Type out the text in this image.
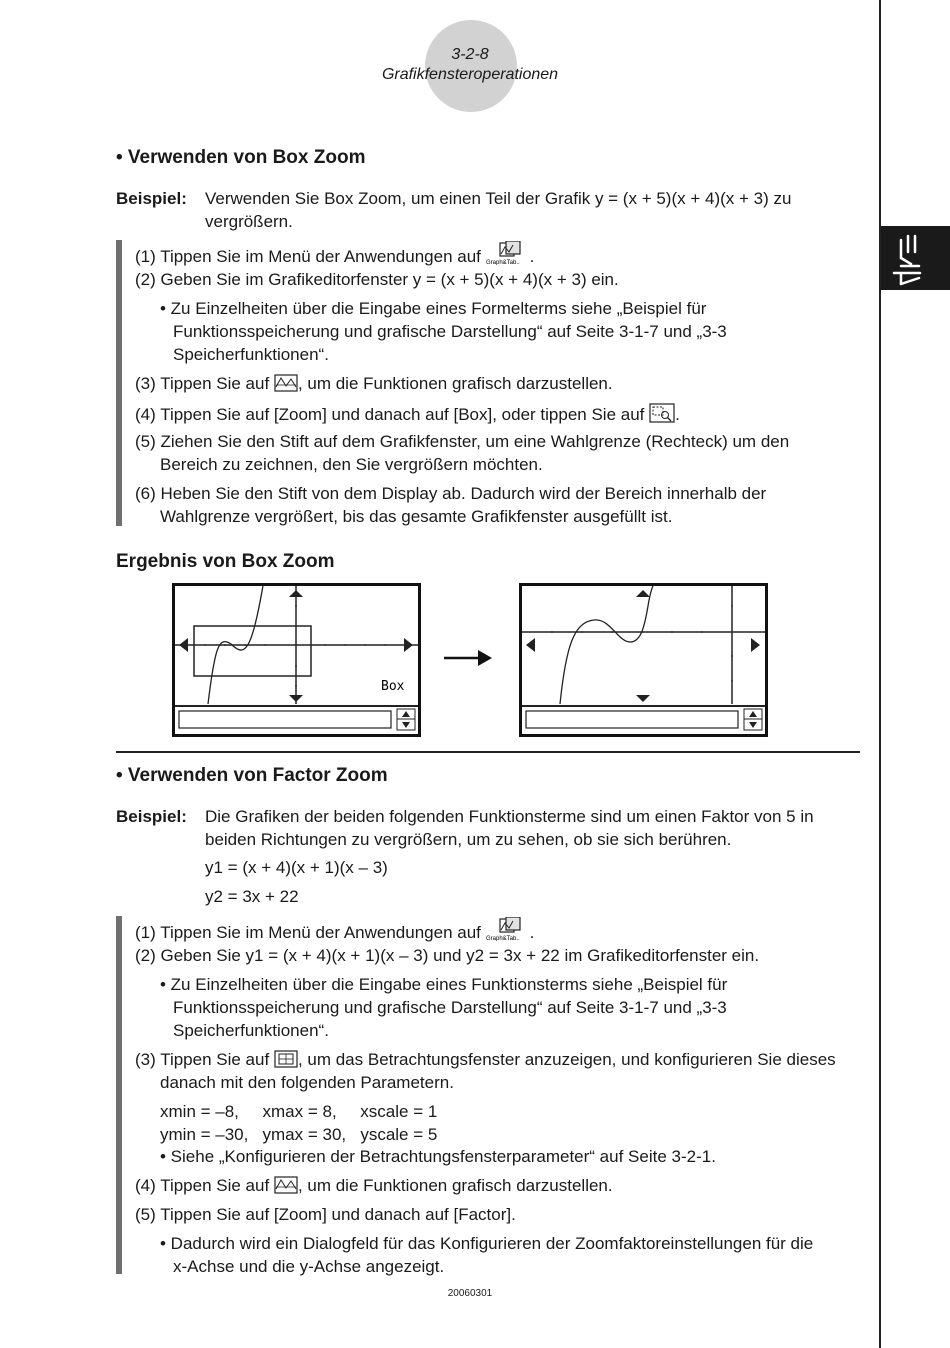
3-2-8
Grafikfensteroperationen
• Verwenden von Box Zoom
Beispiel: Verwenden Sie Box Zoom, um einen Teil der Grafik y = (x + 5)(x + 4)(x + 3) zu
vergrößern.
(1) Tippen Sie im Menü der Anwendungen auf Graph&Tab.. .
(2) Geben Sie im Grafikeditorfenster y = (x + 5)(x + 4)(x + 3) ein.
• Zu Einzelheiten über die Eingabe eines Formelterms siehe „Beispiel für
Funktionsspeicherung und grafische Darstellung“ auf Seite 3-1-7 und „3-3
Speicherfunktionen“.
(3) Tippen Sie auf , um die Funktionen grafisch darzustellen.
(4) Tippen Sie auf [Zoom] und danach auf [Box], oder tippen Sie auf .
(5) Ziehen Sie den Stift auf dem Grafikfenster, um eine Wahlgrenze (Rechteck) um den
Bereich zu zeichnen, den Sie vergrößern möchten.
(6) Heben Sie den Stift von dem Display ab. Dadurch wird der Bereich innerhalb der
Wahlgrenze vergrößert, bis das gesamte Grafikfenster ausgefüllt ist.
Ergebnis von Box Zoom
Box
• Verwenden von Factor Zoom
Beispiel: Die Grafiken der beiden folgenden Funktionsterme sind um einen Faktor von 5 in
beiden Richtungen zu vergrößern, um zu sehen, ob sie sich berühren.
y1 = (x + 4)(x + 1)(x – 3)
y2 = 3x + 22
(1) Tippen Sie im Menü der Anwendungen auf Graph&Tab.. .
(2) Geben Sie y1 = (x + 4)(x + 1)(x – 3) und y2 = 3x + 22 im Grafikeditorfenster ein.
• Zu Einzelheiten über die Eingabe eines Funktionsterms siehe „Beispiel für
Funktionsspeicherung und grafische Darstellung“ auf Seite 3-1-7 und „3-3
Speicherfunktionen“.
(3) Tippen Sie auf , um das Betrachtungsfenster anzuzeigen, und konfigurieren Sie dieses
danach mit den folgenden Parametern.
xmin = –8,     xmax = 8,     xscale = 1
ymin = –30,   ymax = 30,   yscale = 5
• Siehe „Konfigurieren der Betrachtungsfensterparameter“ auf Seite 3-2-1.
(4) Tippen Sie auf , um die Funktionen grafisch darzustellen.
(5) Tippen Sie auf [Zoom] und danach auf [Factor].
• Dadurch wird ein Dialogfeld für das Konfigurieren der Zoomfaktoreinstellungen für die
x-Achse und die y-Achse angezeigt.
20060301
